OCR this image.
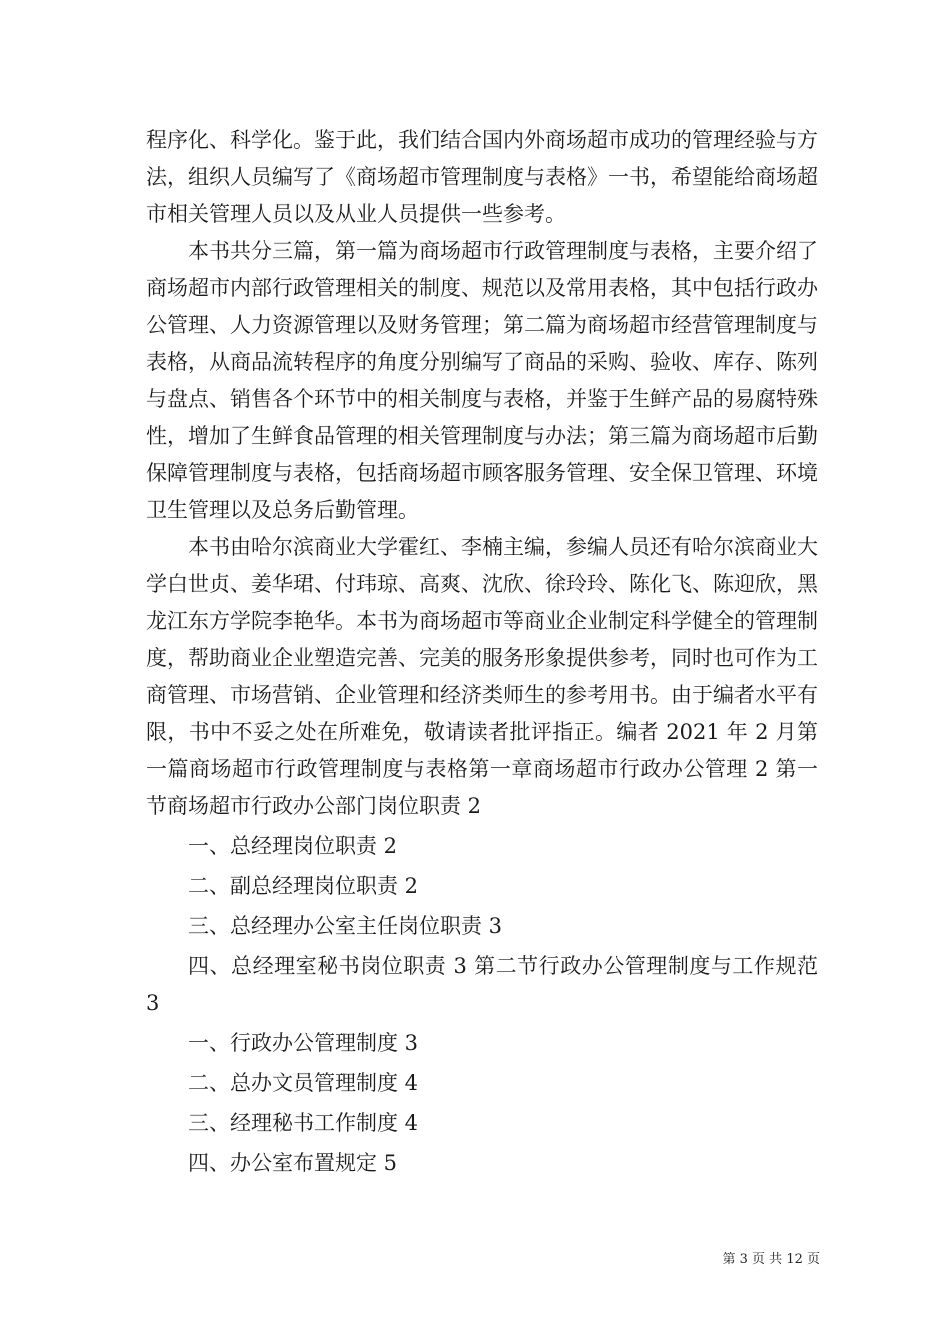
程序化、科学化。鉴于此，我们结合国内外商场超市成功的管理经验与方法，组织人员编写了《商场超市管理制度与表格》一书，希望能给商场超市相关管理人员以及从业人员提供一些参考。

本书共分三篇，第一篇为商场超市行政管理制度与表格，主要介绍了商场超市内部行政管理相关的制度、规范以及常用表格，其中包括行政办公管理、人力资源管理以及财务管理；第二篇为商场超市经营管理制度与表格，从商品流转程序的角度分别编写了商品的采购、验收、库存、陈列与盘点、销售各个环节中的相关制度与表格，并鉴于生鲜产品的易腐特殊性，增加了生鲜食品管理的相关管理制度与办法；第三篇为商场超市后勤保障管理制度与表格，包括商场超市顾客服务管理、安全保卫管理、环境卫生管理以及总务后勤管理。

本书由哈尔滨商业大学霍红、李楠主编，参编人员还有哈尔滨商业大学白世贞、姜华珺、付玮琼、高爽、沈欣、徐玲玲、陈化飞、陈迎欣，黑龙江东方学院李艳华。本书为商场超市等商业企业制定科学健全的管理制度，帮助商业企业塑造完善、完美的服务形象提供参考，同时也可作为工商管理、市场营销、企业管理和经济类师生的参考用书。由于编者水平有限，书中不妥之处在所难免，敬请读者批评指正。编者 2021 年 2 月第一篇商场超市行政管理制度与表格第一章商场超市行政办公管理 2 第一节商场超市行政办公部门岗位职责 2

一、总经理岗位职责 2

二、副总经理岗位职责 2

三、总经理办公室主任岗位职责 3

四、总经理室秘书岗位职责 3 第二节行政办公管理制度与工作规范 3

一、行政办公管理制度 3

二、总办文员管理制度 4

三、经理秘书工作制度 4

四、办公室布置规定 5

第 3 页 共 12 页
